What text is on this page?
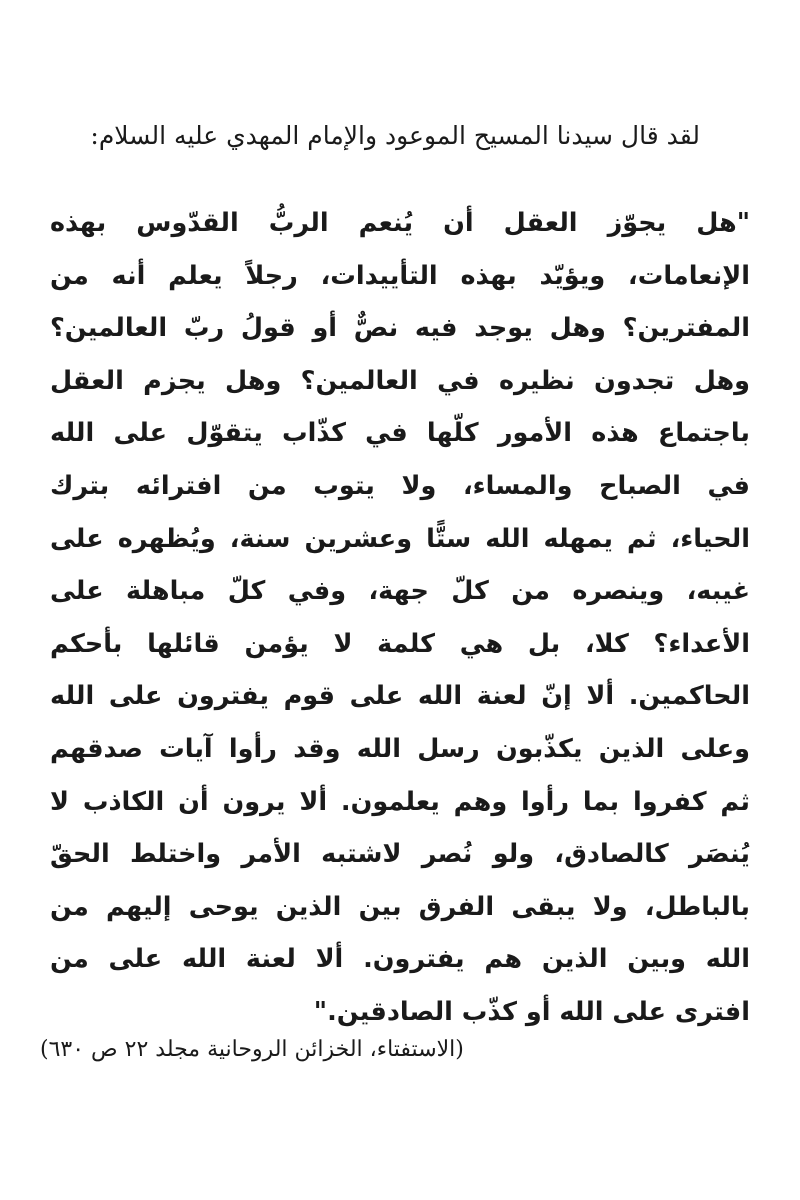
لقد قال سيدنا المسيح الموعود والإمام المهدي عليه السلام:
"هل يجوّز العقل أن يُنعم الربُّ القدّوس بهذه
الإنعامات، ويؤيّد بهذه التأييدات، رجلاً يعلم أنه من
المفترين؟ وهل يوجد فيه نصٌّ أو قولُ ربّ العالمين؟
وهل تجدون نظيره في العالمين؟ وهل يجزم العقل
باجتماع هذه الأمور كلّها في كذّاب يتقوّل على الله
في الصباح والمساء، ولا يتوب من افترائه بترك
الحياء، ثم يمهله الله ستًّا وعشرين سنة، ويُظهره على
غيبه، وينصره من كلّ جهة، وفي كلّ مباهلة على
الأعداء؟ كلا، بل هي كلمة لا يؤمن قائلها بأحكم
الحاكمين. ألا إنّ لعنة الله على قوم يفترون على الله
وعلى الذين يكذّبون رسل الله وقد رأوا آيات صدقهم
ثم كفروا بما رأوا وهم يعلمون. ألا يرون أن الكاذب لا
يُنصَر كالصادق، ولو نُصر لاشتبه الأمر واختلط الحقّ
بالباطل، ولا يبقى الفرق بين الذين يوحى إليهم من
الله وبين الذين هم يفترون. ألا لعنة الله على من
افترى على الله أو كذّب الصادقين."
(الاستفتاء، الخزائن الروحانية مجلد ٢٢ ص ٦٣٠)
